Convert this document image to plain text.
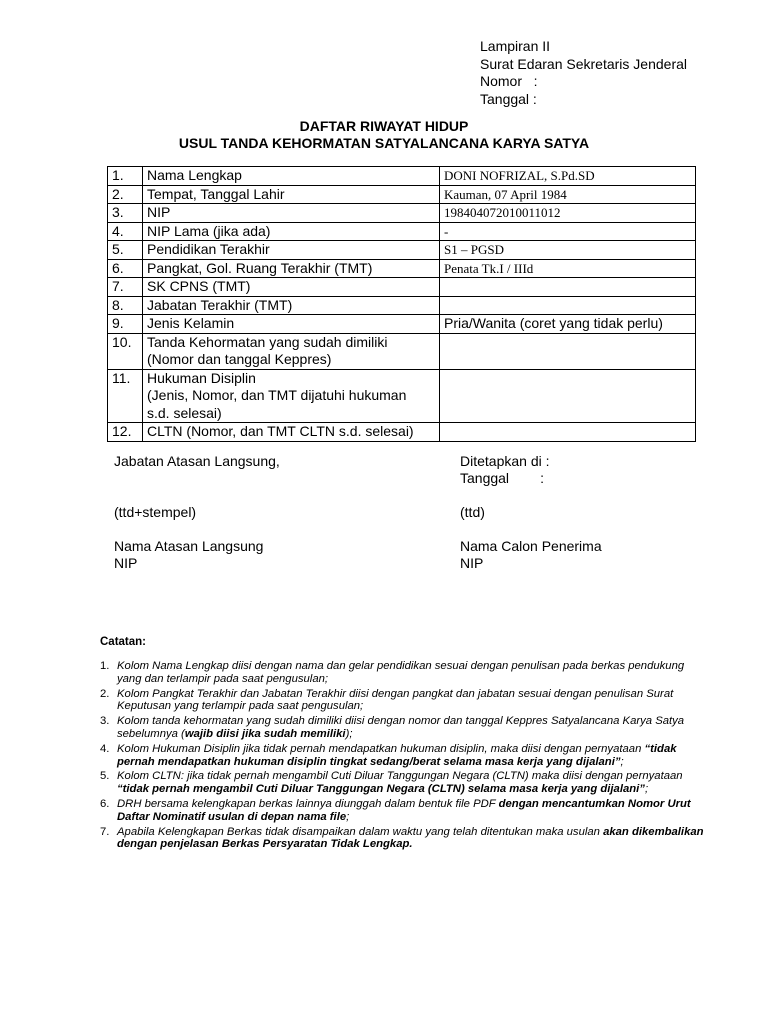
Lampiran II
Surat Edaran Sekretaris Jenderal
Nomor   :
Tanggal :
DAFTAR RIWAYAT HIDUP
USUL TANDA KEHORMATAN SATYALANCANA KARYA SATYA
1.	Nama Lengkap	DONI NOFRIZAL, S.Pd.SD
2.	Tempat, Tanggal Lahir	Kauman, 07 April 1984
3.	NIP	198404072010011012
4.	NIP Lama (jika ada)	-
5.	Pendidikan Terakhir	S1 – PGSD
6.	Pangkat, Gol. Ruang Terakhir (TMT)	Penata Tk.I / IIId
7.	SK CPNS (TMT)	
8.	Jabatan Terakhir (TMT)	
9.	Jenis Kelamin	Pria/Wanita (coret yang tidak perlu)
10.	Tanda Kehormatan yang sudah dimiliki
(Nomor dan tanggal Keppres)	

11.	Hukuman Disiplin
(Jenis, Nomor, dan TMT dijatuhi hukuman
s.d. selesai)	

12.	CLTN (Nomor, dan TMT CLTN s.d. selesai)	
Jabatan Atasan Langsung,
(ttd+stempel)
Nama Atasan Langsung
NIP
Ditetapkan di :
Tanggal        :
(ttd)
Nama Calon Penerima
NIP
Catatan:
1. Kolom Nama Lengkap diisi dengan nama dan gelar pendidikan sesuai dengan penulisan pada berkas pendukung yang dan terlampir pada saat pengusulan;
2. Kolom Pangkat Terakhir dan Jabatan Terakhir diisi dengan pangkat dan jabatan sesuai dengan penulisan Surat Keputusan yang terlampir pada saat pengusulan;
3. Kolom tanda kehormatan yang sudah dimiliki diisi dengan nomor dan tanggal Keppres Satyalancana Karya Satya sebelumnya (wajib diisi jika sudah memiliki);
4. Kolom Hukuman Disiplin jika tidak pernah mendapatkan hukuman disiplin, maka diisi dengan pernyataan “tidak pernah mendapatkan hukuman disiplin tingkat sedang/berat selama masa kerja yang dijalani”;
5. Kolom CLTN: jika tidak pernah mengambil Cuti Diluar Tanggungan Negara (CLTN) maka diisi dengan pernyataan “tidak pernah mengambil Cuti Diluar Tanggungan Negara (CLTN) selama masa kerja yang dijalani”;
6. DRH bersama kelengkapan berkas lainnya diunggah dalam bentuk file PDF dengan mencantumkan Nomor Urut Daftar Nominatif usulan di depan nama file;
7. Apabila Kelengkapan Berkas tidak disampaikan dalam waktu yang telah ditentukan maka usulan akan dikembalikan dengan penjelasan Berkas Persyaratan Tidak Lengkap.
